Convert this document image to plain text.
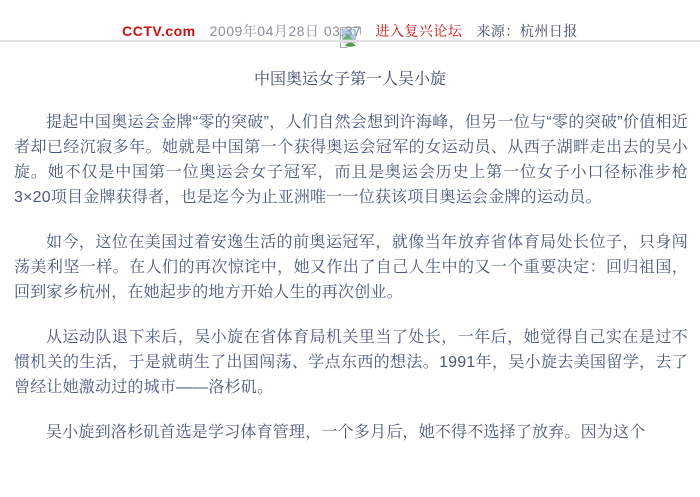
CCTV.com 2009年04月28日 03:37 进入复兴论坛 来源：杭州日报
中国奥运女子第一人吴小旋

提起中国奥运会金牌“零的突破”，人们自然会想到许海峰，但另一位与“零的突破”价值相近者却已经沉寂多年。她就是中国第一个获得奥运会冠军的女运动员、从西子湖畔走出去的吴小旋。她不仅是中国第一位奥运会女子冠军，而且是奥运会历史上第一位女子小口径标准步枪3×20项目金牌获得者，也是迄今为止亚洲唯一一位获该项目奥运会金牌的运动员。

如今，这位在美国过着安逸生活的前奥运冠军，就像当年放弃省体育局处长位子，只身闯荡美利坚一样。在人们的再次惊诧中，她又作出了自己人生中的又一个重要决定：回归祖国，回到家乡杭州，在她起步的地方开始人生的再次创业。

从运动队退下来后，吴小旋在省体育局机关里当了处长，一年后，她觉得自己实在是过不惯机关的生活，于是就萌生了出国闯荡、学点东西的想法。1991年，吴小旋去美国留学，去了曾经让她激动过的城市——洛杉矶。

吴小旋到洛杉矶首选是学习体育管理，一个多月后，她不得不选择了放弃。因为这个
